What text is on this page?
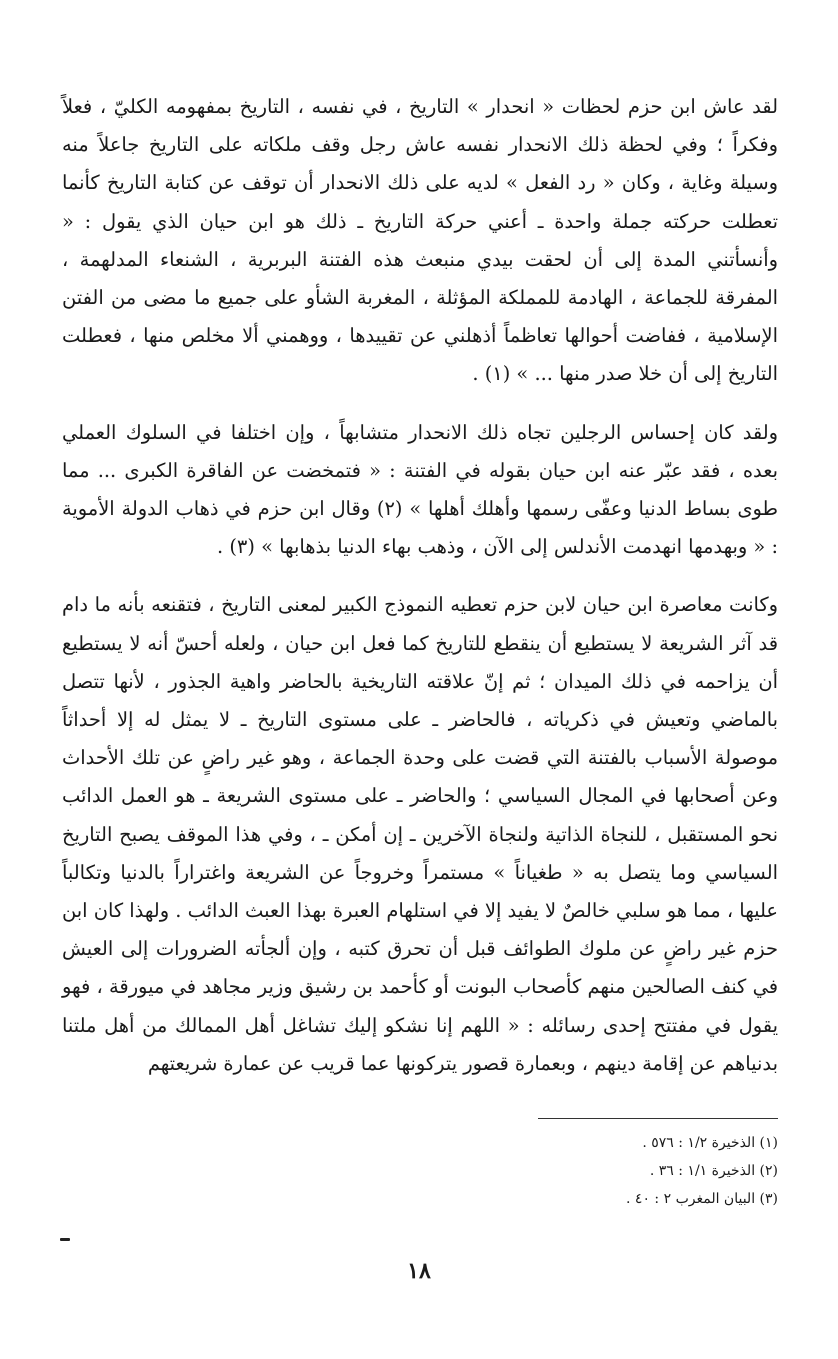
لقد عاش ابن حزم لحظات « انحدار » التاريخ ، في نفسه ، التاريخ بمفهومه الكليّ ، فعلاً وفكراً ؛ وفي لحظة ذلك الانحدار نفسه عاش رجل وقف ملكاته على التاريخ جاعلاً منه وسيلة وغاية ، وكان « رد الفعل » لديه على ذلك الانحدار أن توقف عن كتابة التاريخ كأنما تعطلت حركته جملة واحدة ـ أعني حركة التاريخ ـ ذلك هو ابن حيان الذي يقول : « وأنسأتني المدة إلى أن لحقت بيدي منبعث هذه الفتنة البربرية ، الشنعاء المدلهمة ، المفرقة للجماعة ، الهادمة للمملكة المؤثلة ، المغربة الشأو على جميع ما مضى من الفتن الإسلامية ، ففاضت أحوالها تعاظماً أذهلني عن تقييدها ، ووهمني ألا مخلص منها ، فعطلت التاريخ إلى أن خلا صدر منها ... » (١) .

ولقد كان إحساس الرجلين تجاه ذلك الانحدار متشابهاً ، وإن اختلفا في السلوك العملي بعده ، فقد عبّر عنه ابن حيان بقوله في الفتنة : « فتمخضت عن الفاقرة الكبرى ... مما طوى بساط الدنيا وعفّى رسمها وأهلك أهلها » (٢) وقال ابن حزم في ذهاب الدولة الأموية : « وبهدمها انهدمت الأندلس إلى الآن ، وذهب بهاء الدنيا بذهابها » (٣) .

وكانت معاصرة ابن حيان لابن حزم تعطيه النموذج الكبير لمعنى التاريخ ، فتقنعه بأنه ما دام قد آثر الشريعة لا يستطيع أن ينقطع للتاريخ كما فعل ابن حيان ، ولعله أحسّ أنه لا يستطيع أن يزاحمه في ذلك الميدان ؛ ثم إنّ علاقته التاريخية بالحاضر واهية الجذور ، لأنها تتصل بالماضي وتعيش في ذكرياته ، فالحاضر ـ على مستوى التاريخ ـ لا يمثل له إلا أحداثاً موصولة الأسباب بالفتنة التي قضت على وحدة الجماعة ، وهو غير راضٍ عن تلك الأحداث وعن أصحابها في المجال السياسي ؛ والحاضر ـ على مستوى الشريعة ـ هو العمل الدائب نحو المستقبل ، للنجاة الذاتية ولنجاة الآخرين ـ إن أمكن ـ ، وفي هذا الموقف يصبح التاريخ السياسي وما يتصل به « طغياناً » مستمراً وخروجاً عن الشريعة واغتراراً بالدنيا وتكالباً عليها ، مما هو سلبي خالصٌ لا يفيد إلا في استلهام العبرة بهذا العبث الدائب . ولهذا كان ابن حزم غير راضٍ عن ملوك الطوائف قبل أن تحرق كتبه ، وإن ألجأته الضرورات إلى العيش في كنف الصالحين منهم كأصحاب البونت أو كأحمد بن رشيق وزير مجاهد في ميورقة ، فهو يقول في مفتتح إحدى رسائله : « اللهم إنا نشكو إليك تشاغل أهل الممالك من أهل ملتنا بدنياهم عن إقامة دينهم ، وبعمارة قصور يتركونها عما قريب عن عمارة شريعتهم

(١) الذخيرة ١/٢ : ٥٧٦ .

(٢) الذخيرة ١/١ : ٣٦ .

(٣) البيان المغرب ٢ : ٤٠ .

١٨
